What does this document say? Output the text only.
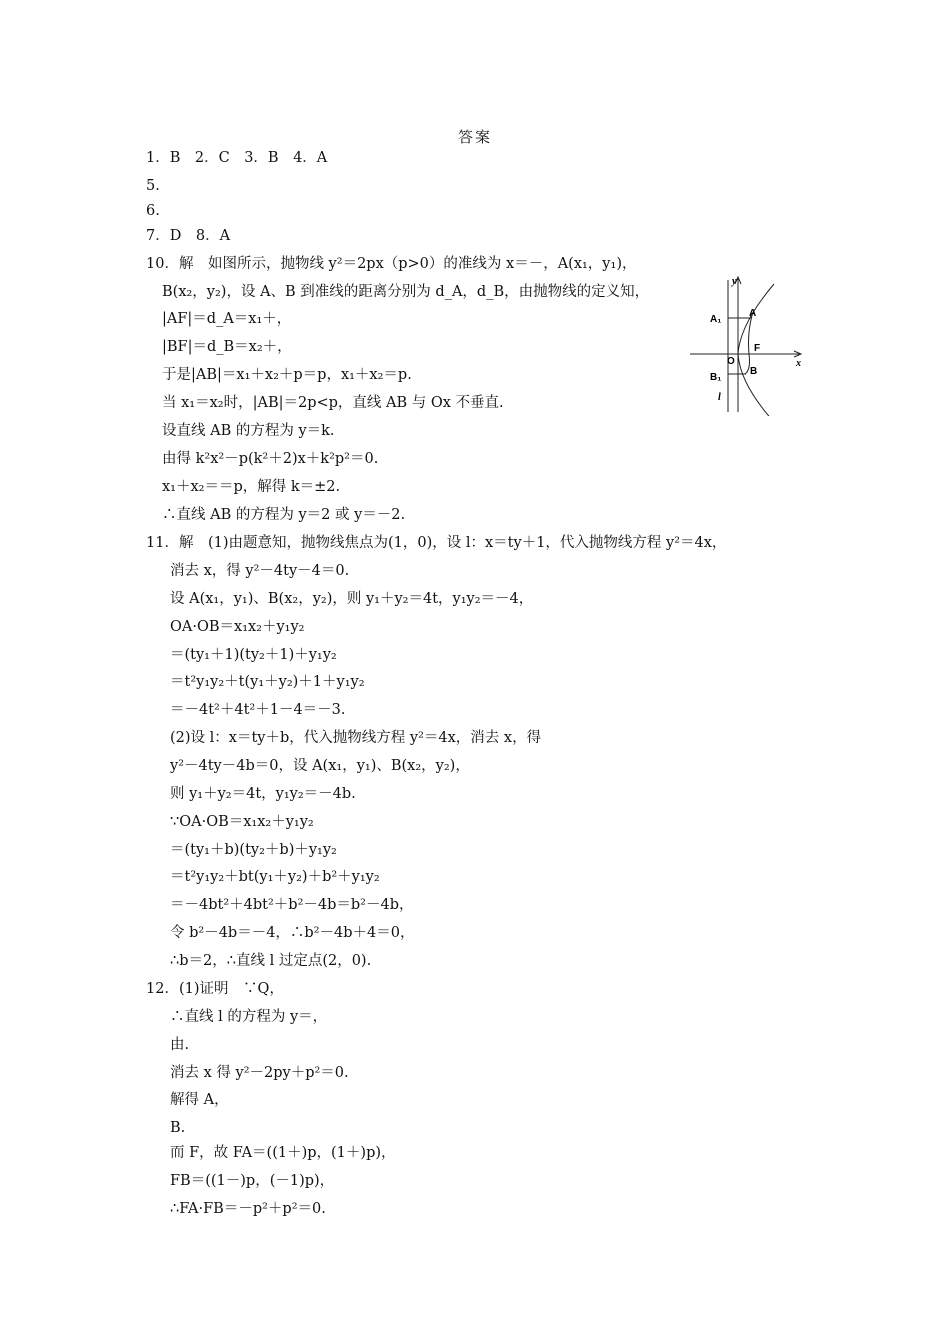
答案
1．B　2．C　3．B　4．A
5.
6.
7．D　8．A
10．解　如图所示，抛物线 y²＝2px（p>0）的准线为 x＝－，A(x₁，y₁)，
B(x₂，y₂)，设 A、B 到准线的距离分别为 d_A，d_B，由抛物线的定义知，
|AF|＝d_A＝x₁＋，
|BF|＝d_B＝x₂＋，
于是|AB|＝x₁＋x₂＋p＝p，x₁＋x₂＝p.
当 x₁＝x₂时，|AB|＝2p<p，直线 AB 与 Ox 不垂直.
设直线 AB 的方程为 y＝k.
由得 k²x²－p(k²＋2)x＋k²p²＝0.
x₁＋x₂＝＝p，解得 k＝±2.
∴直线 AB 的方程为 y＝2 或 y＝－2.
11．解　(1)由题意知，抛物线焦点为(1，0)，设 l：x＝ty＋1，代入抛物线方程 y²＝4x，
消去 x，得 y²－4ty－4＝0.
设 A(x₁，y₁)、B(x₂，y₂)，则 y₁＋y₂＝4t，y₁y₂＝－4，
OA·OB＝x₁x₂＋y₁y₂
＝(ty₁＋1)(ty₂＋1)＋y₁y₂
＝t²y₁y₂＋t(y₁＋y₂)＋1＋y₁y₂
＝－4t²＋4t²＋1－4＝－3.
(2)设 l：x＝ty＋b，代入抛物线方程 y²＝4x，消去 x，得
y²－4ty－4b＝0，设 A(x₁，y₁)、B(x₂，y₂)，
则 y₁＋y₂＝4t，y₁y₂＝－4b.
∵OA·OB＝x₁x₂＋y₁y₂
＝(ty₁＋b)(ty₂＋b)＋y₁y₂
＝t²y₁y₂＋bt(y₁＋y₂)＋b²＋y₁y₂
＝－4bt²＋4bt²＋b²－4b＝b²－4b，
令 b²－4b＝－4，∴b²－4b＋4＝0，
∴b＝2，∴直线 l 过定点(2，0).
12．(1)证明　∵Q，
∴直线 l 的方程为 y＝，
由.
消去 x 得 y²－2py＋p²＝0.
解得 A，
B.
而 F，故 FA＝((1＋)p，(1＋)p)，
FB＝((1－)p，(－1)p)，
∴FA·FB＝－p²＋p²＝0.
y
x
A₁
A
F
O
B₁
B
l
